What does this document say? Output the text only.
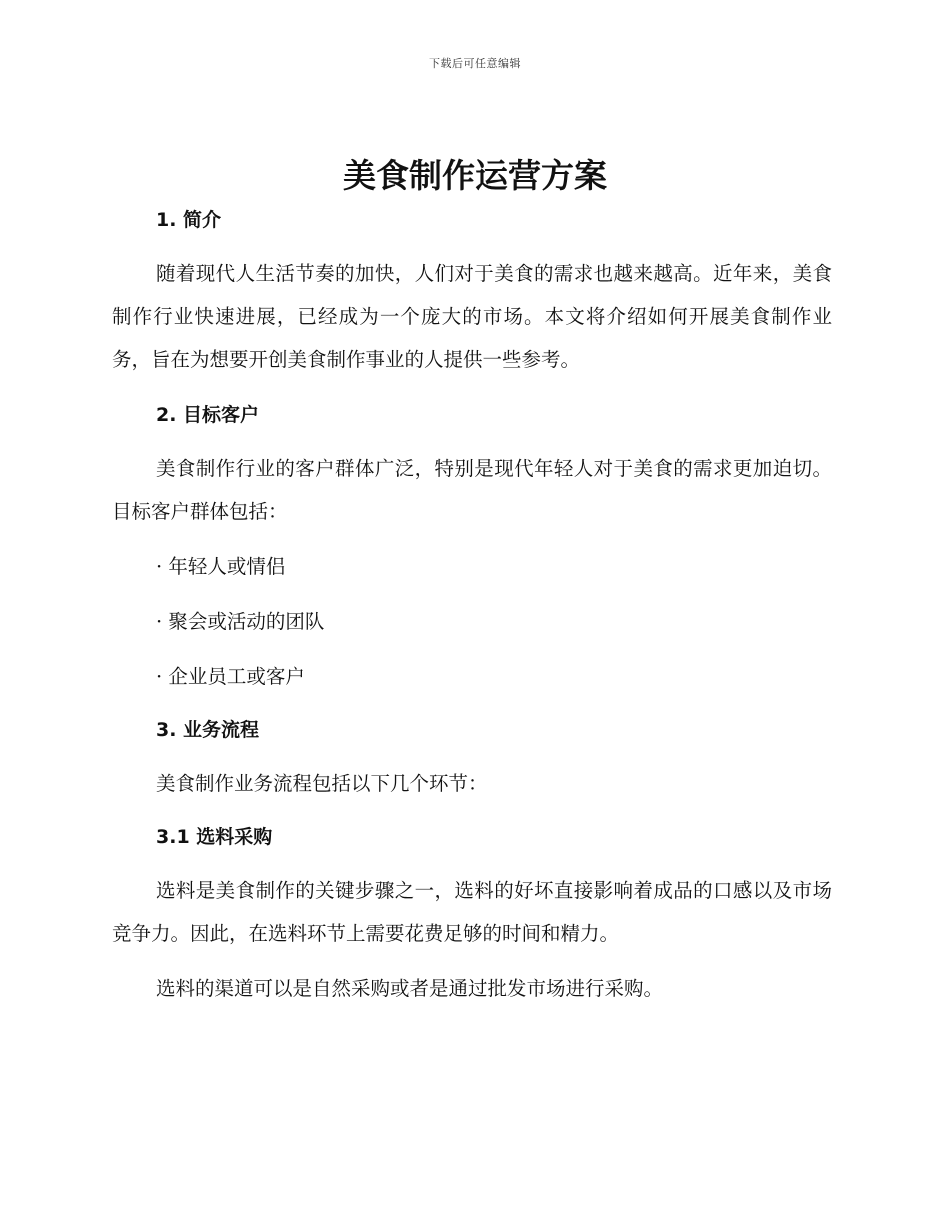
下载后可任意编辑
美食制作运营方案
1. 简介

随着现代人生活节奏的加快，人们对于美食的需求也越来越高。近年来，美食制作行业快速进展，已经成为一个庞大的市场。本文将介绍如何开展美食制作业务，旨在为想要开创美食制作事业的人提供一些参考。

2. 目标客户

美食制作行业的客户群体广泛，特别是现代年轻人对于美食的需求更加迫切。目标客户群体包括：

· 年轻人或情侣
· 聚会或活动的团队
· 企业员工或客户
3. 业务流程

美食制作业务流程包括以下几个环节：

3.1 选料采购

选料是美食制作的关键步骤之一，选料的好坏直接影响着成品的口感以及市场竞争力。因此，在选料环节上需要花费足够的时间和精力。

选料的渠道可以是自然采购或者是通过批发市场进行采购。
